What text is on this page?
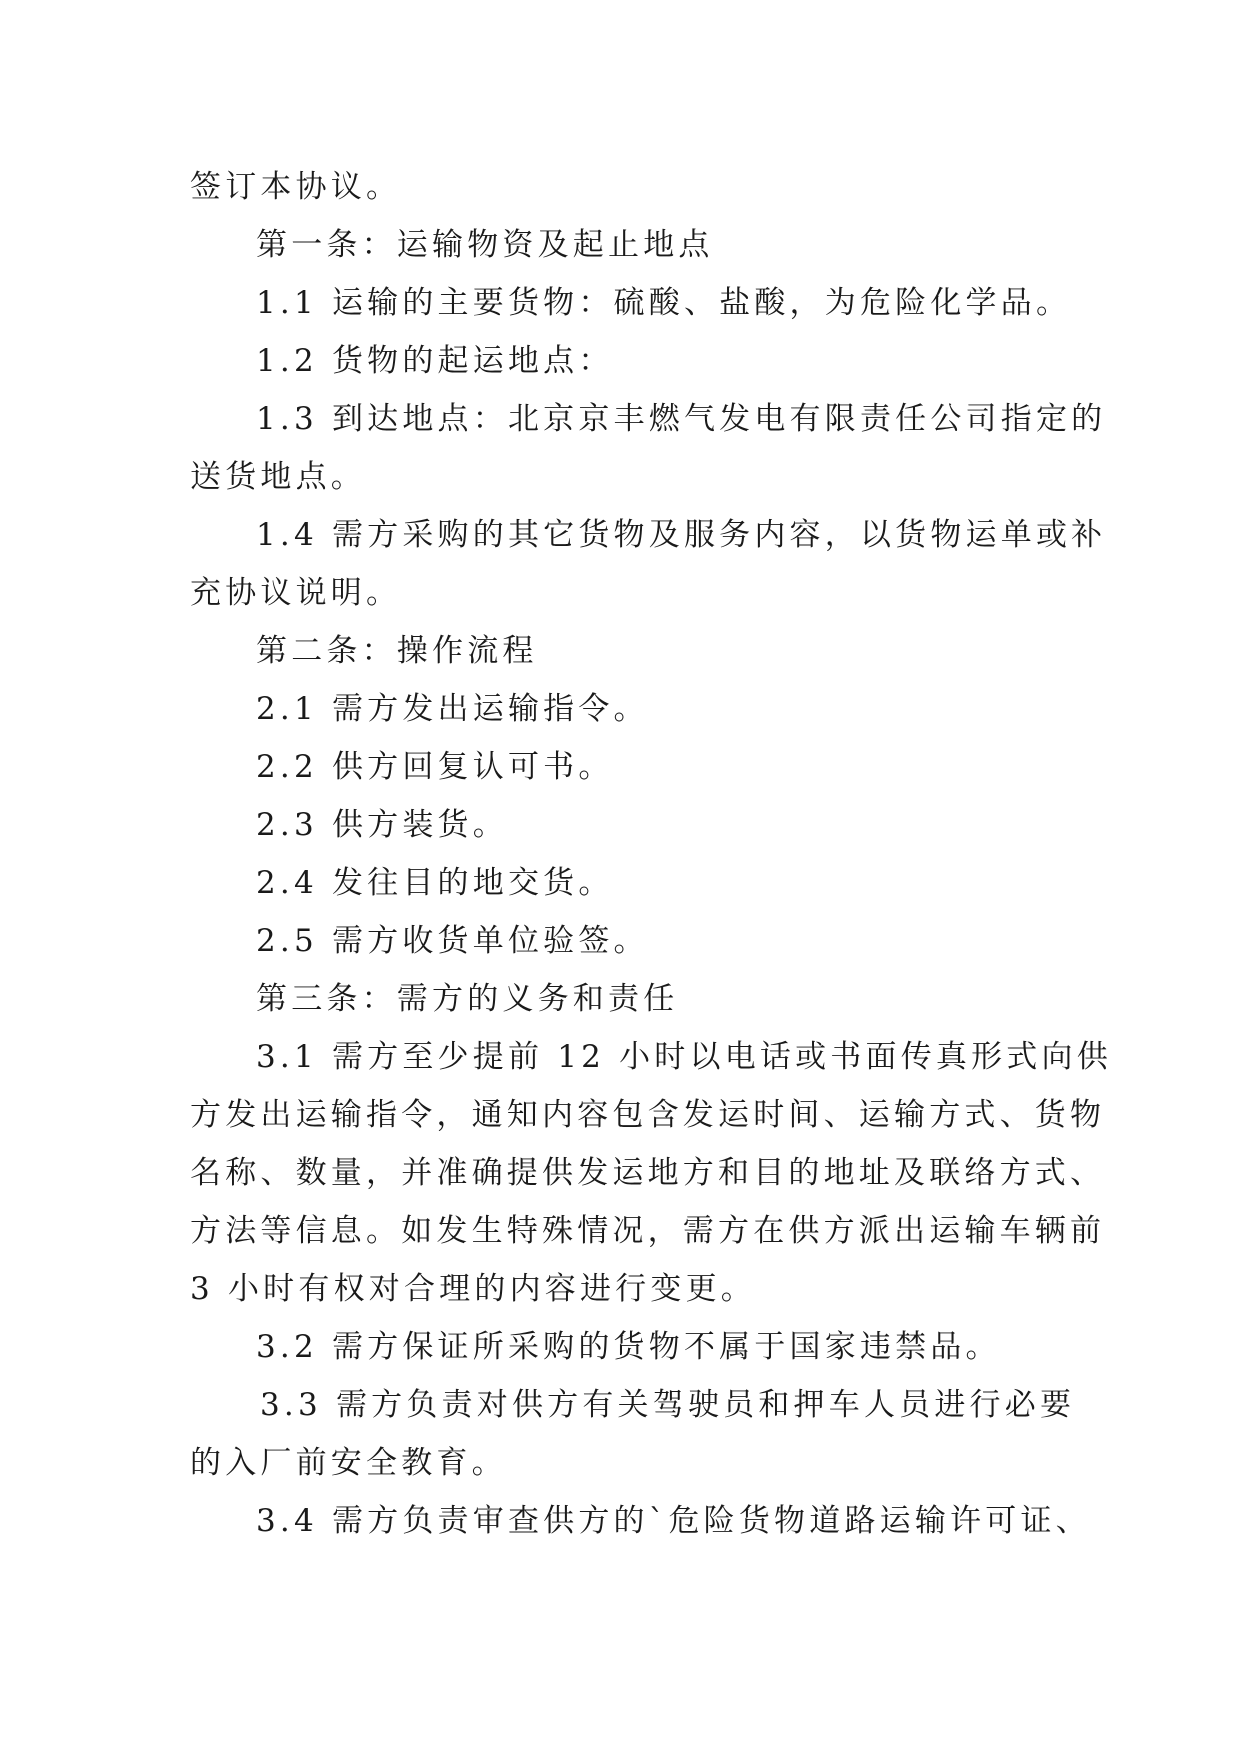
签订本协议。
第一条：运输物资及起止地点
1.1 运输的主要货物：硫酸、盐酸，为危险化学品。
1.2 货物的起运地点：
1.3 到达地点：北京京丰燃气发电有限责任公司指定的
送货地点。
1.4 需方采购的其它货物及服务内容，以货物运单或补
充协议说明。
第二条：操作流程
2.1 需方发出运输指令。
2.2 供方回复认可书。
2.3 供方装货。
2.4 发往目的地交货。
2.5 需方收货单位验签。
第三条：需方的义务和责任
3.1 需方至少提前 12 小时以电话或书面传真形式向供
方发出运输指令，通知内容包含发运时间、运输方式、货物
名称、数量，并准确提供发运地方和目的地址及联络方式、
方法等信息。如发生特殊情况，需方在供方派出运输车辆前
3 小时有权对合理的内容进行变更。
3.2 需方保证所采购的货物不属于国家违禁品。
3.3 需方负责对供方有关驾驶员和押车人员进行必要
的入厂前安全教育。
3.4 需方负责审查供方的`危险货物道路运输许可证、
